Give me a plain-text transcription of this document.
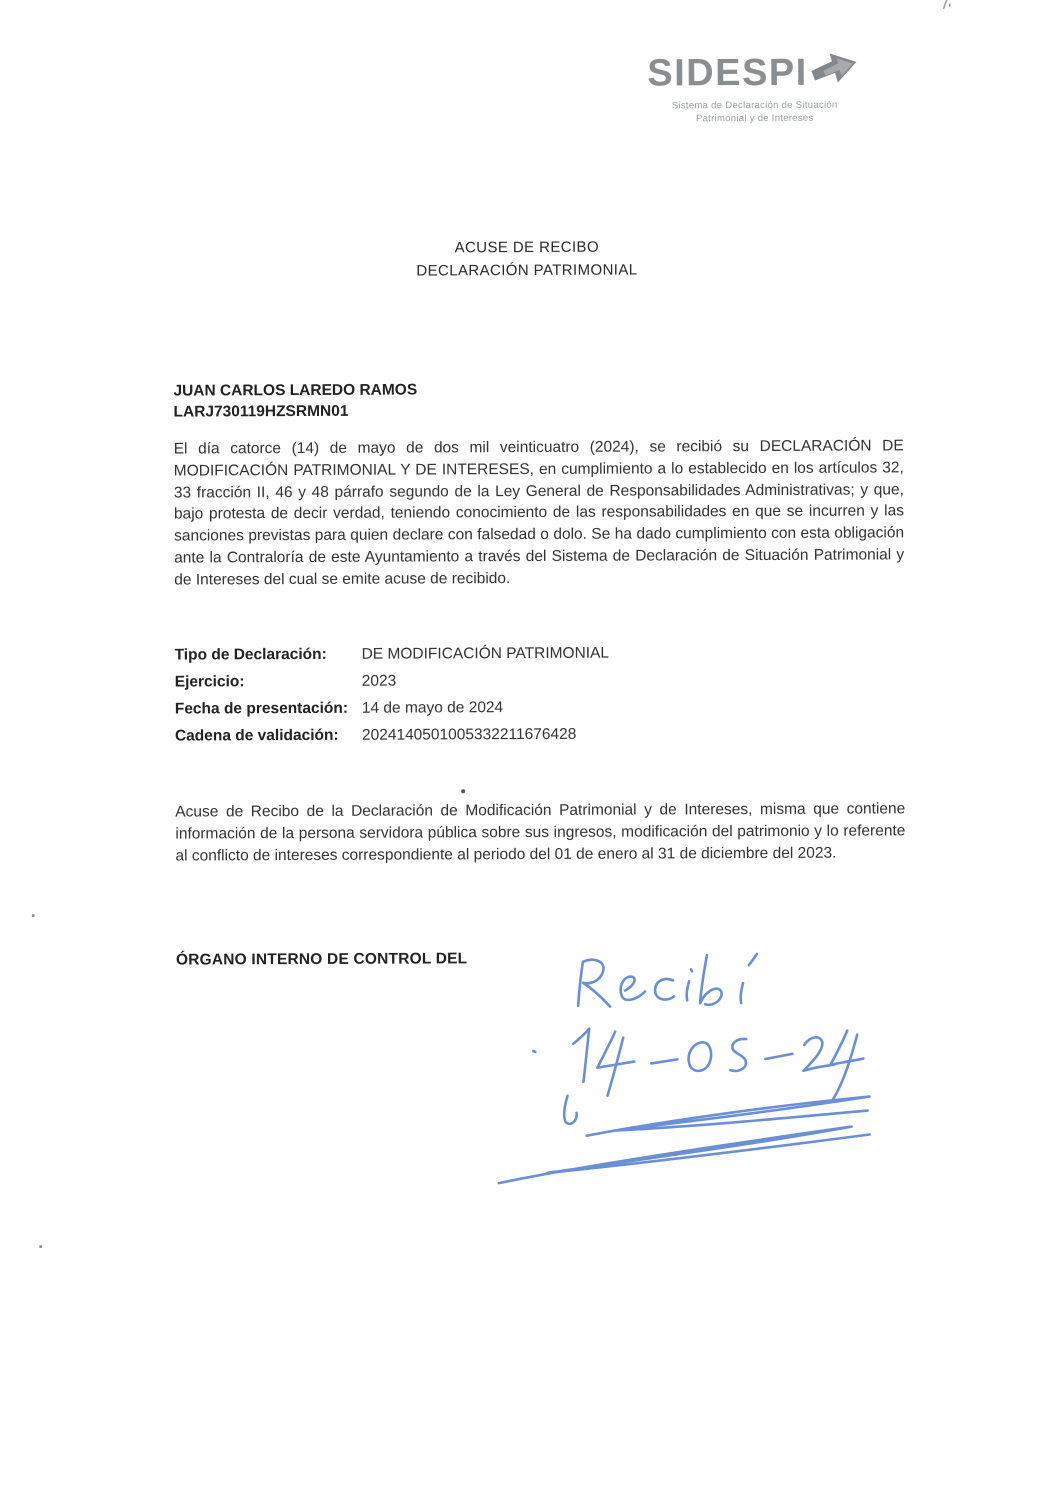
SIDESPI
Sistema de Declaración de Situación
Patrimonial y de Intereses
ACUSE DE RECIBO
DECLARACIÓN PATRIMONIAL
JUAN CARLOS LAREDO RAMOS
LARJ730119HZSRMN01
El día catorce (14) de mayo de dos mil veinticuatro (2024), se recibió su DECLARACIÓN DE MODIFICACIÓN PATRIMONIAL Y DE INTERESES, en cumplimiento a lo establecido en los artículos 32, 33 fracción II, 46 y 48 párrafo segundo de la Ley General de Responsabilidades Administrativas; y que, bajo protesta de decir verdad, teniendo conocimiento de las responsabilidades en que se incurren y las sanciones previstas para quien declare con falsedad o dolo. Se ha dado cumplimiento con esta obligación ante la Contraloría de este Ayuntamiento a través del Sistema de Declaración de Situación Patrimonial y de Intereses del cual se emite acuse de recibido.
Tipo de Declaración:	DE MODIFICACIÓN PATRIMONIAL
Ejercicio:	2023
Fecha de presentación: 14 de mayo de 2024
Cadena de validación:	2024140501005332211676428
Acuse de Recibo de la Declaración de Modificación Patrimonial y de Intereses, misma que contiene información de la persona servidora pública sobre sus ingresos, modificación del patrimonio y lo referente al conflicto de intereses correspondiente al periodo del 01 de enero al 31 de diciembre del 2023.
ÓRGANO INTERNO DE CONTROL DEL
